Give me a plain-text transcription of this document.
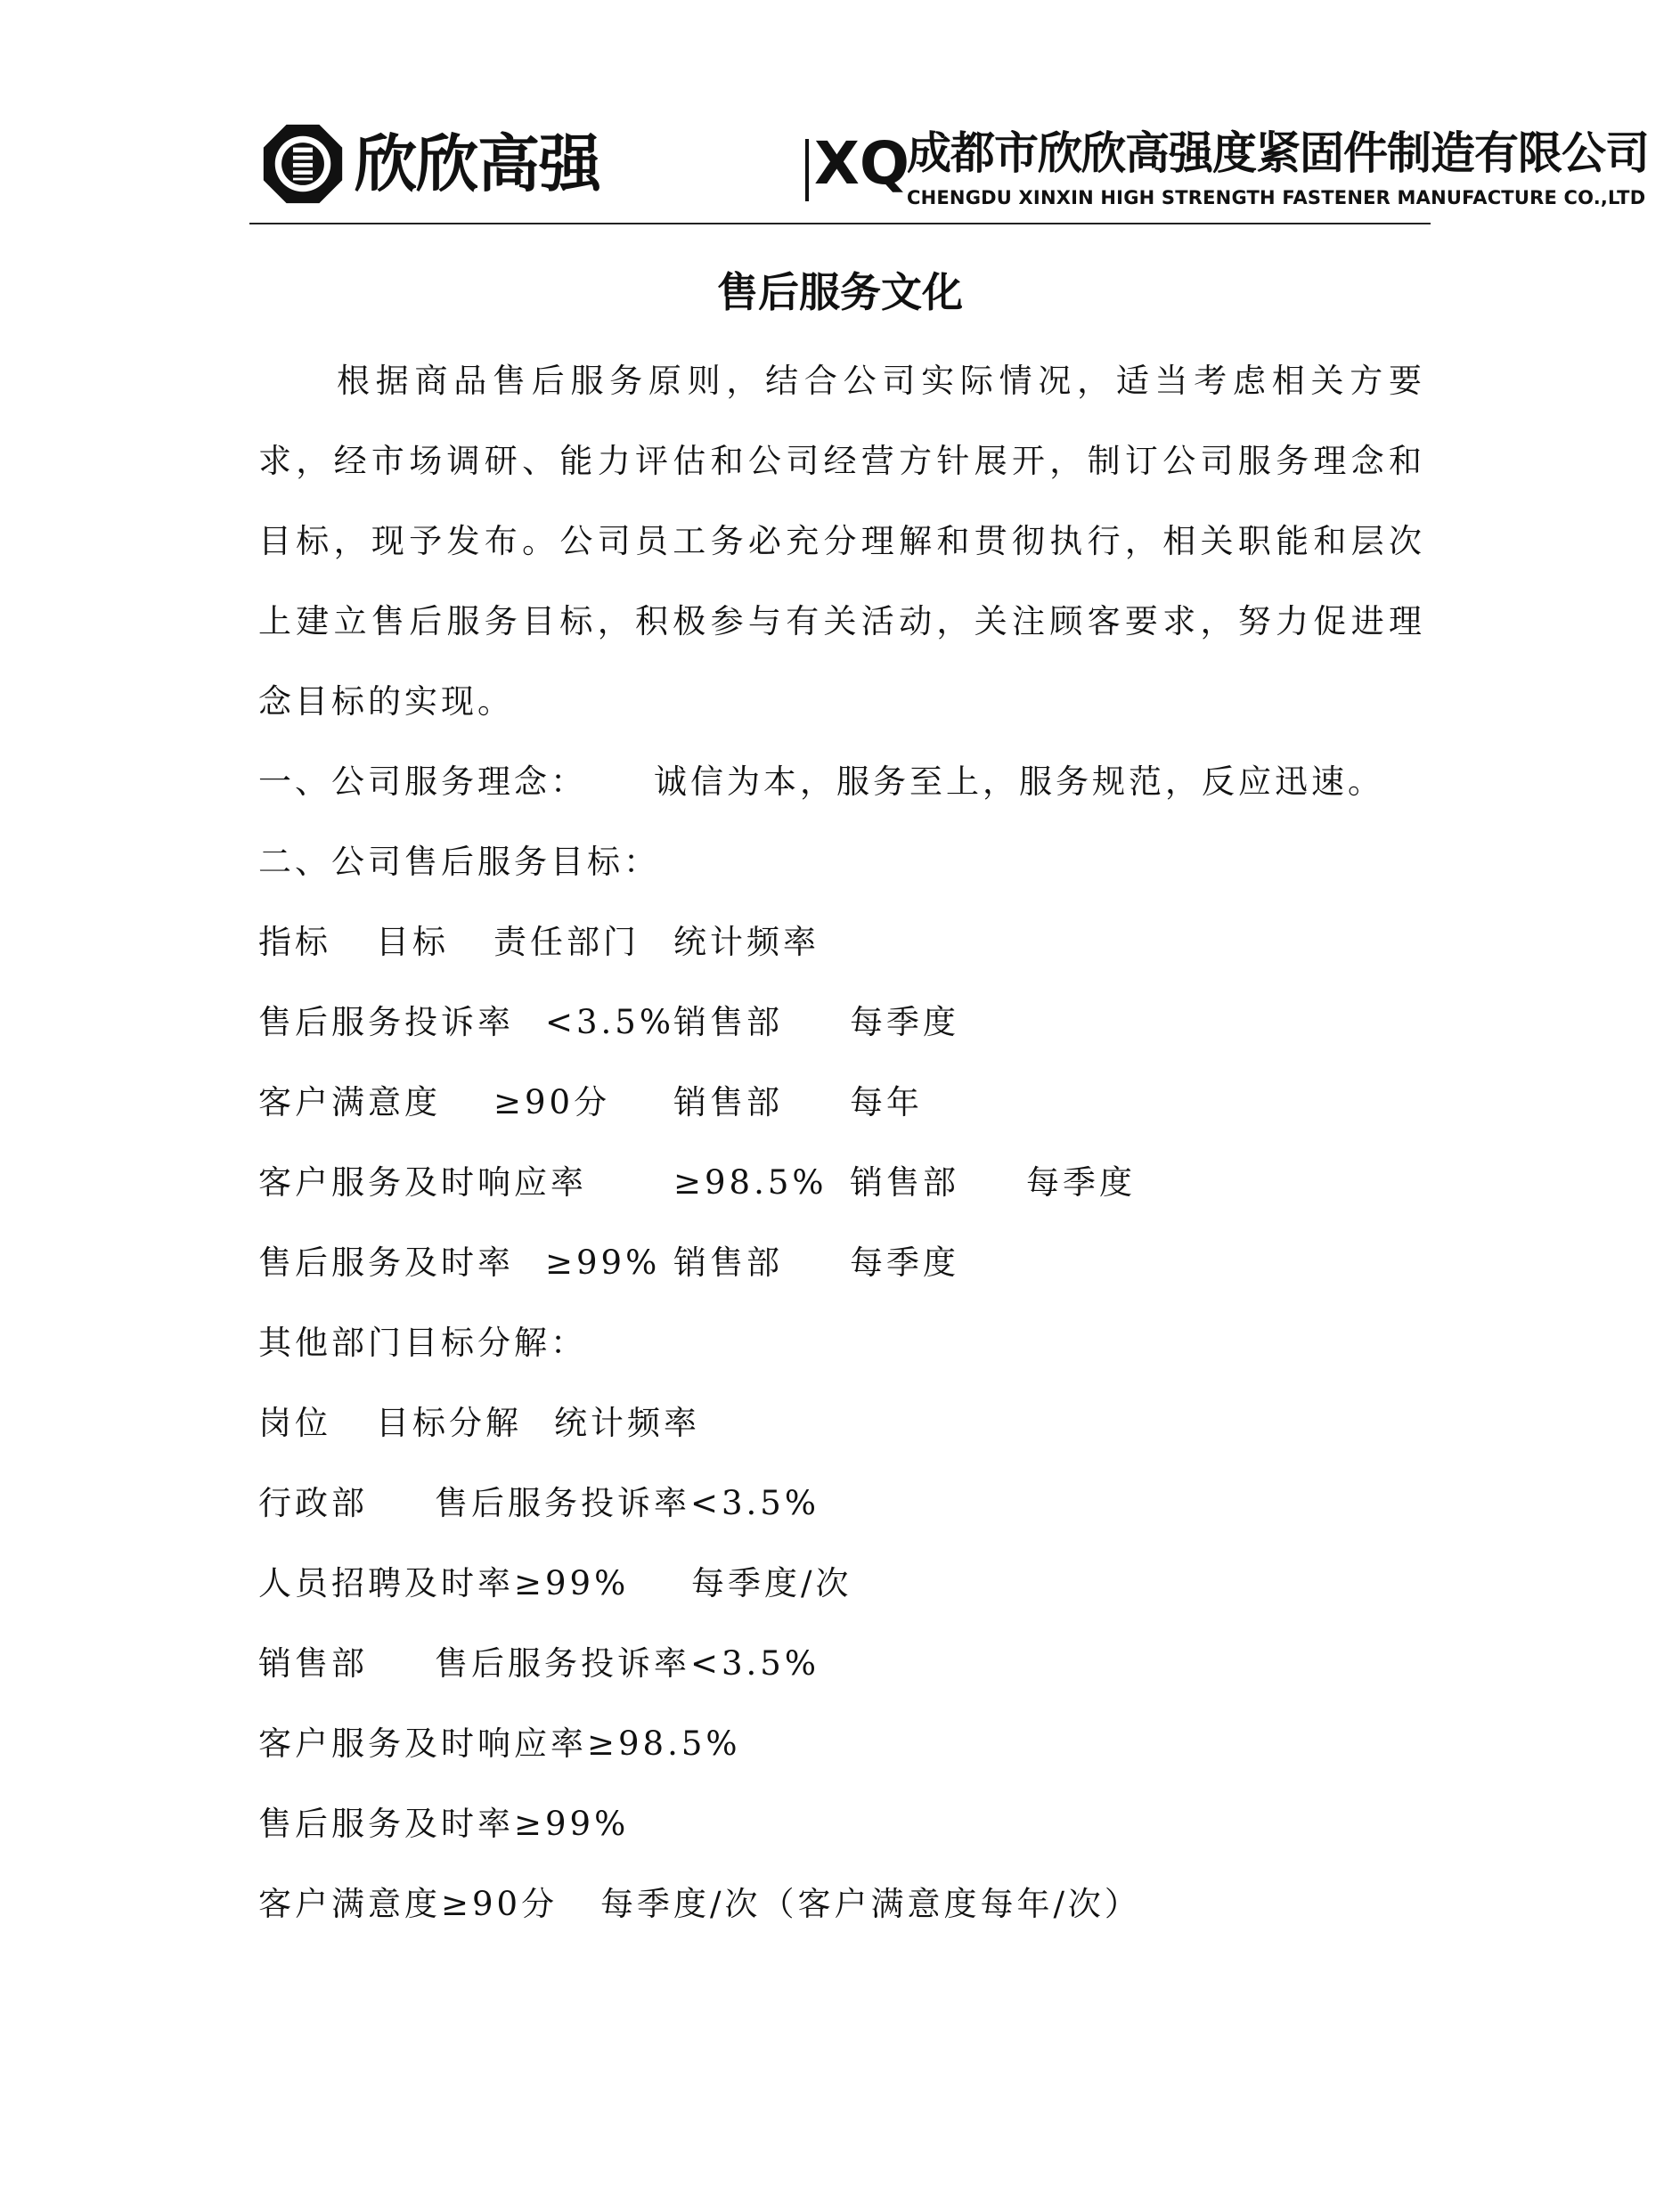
欣欣高强	XQ
成都市欣欣高强度紧固件制造有限公司
CHENGDU XINXIN HIGH STRENGTH FASTENER MANUFACTURE CO.,LTD
售后服务文化

根据商品售后服务原则，结合公司实际情况，适当考虑相关方要求，经市场调研、能力评估和公司经营方针展开，制订公司服务理念和目标，现予发布。公司员工务必充分理解和贯彻执行，相关职能和层次上建立售后服务目标，积极参与有关活动，关注顾客要求，努力促进理念目标的实现。

一、公司服务理念：

诚信为本，服务至上，服务规范，反应迅速。

二、公司售后服务目标：

指标

目标

责任部门

统计频率

售后服务投诉率

<3.5%

销售部

每季度

客户满意度

≥90分

销售部

每年

客户服务及时响应率

	≥98.5%

销售部

每季度

售后服务及时率

≥99%

销售部

每季度

其他部门目标分解：

岗位

目标分解

统计频率

行政部

售后服务投诉率<3.5%

人员招聘及时率≥99%

每季度/次

销售部

售后服务投诉率<3.5%

客户服务及时响应率≥98.5%

售后服务及时率≥99%

客户满意度≥90分

每季度/次（客户满意度每年/次）
